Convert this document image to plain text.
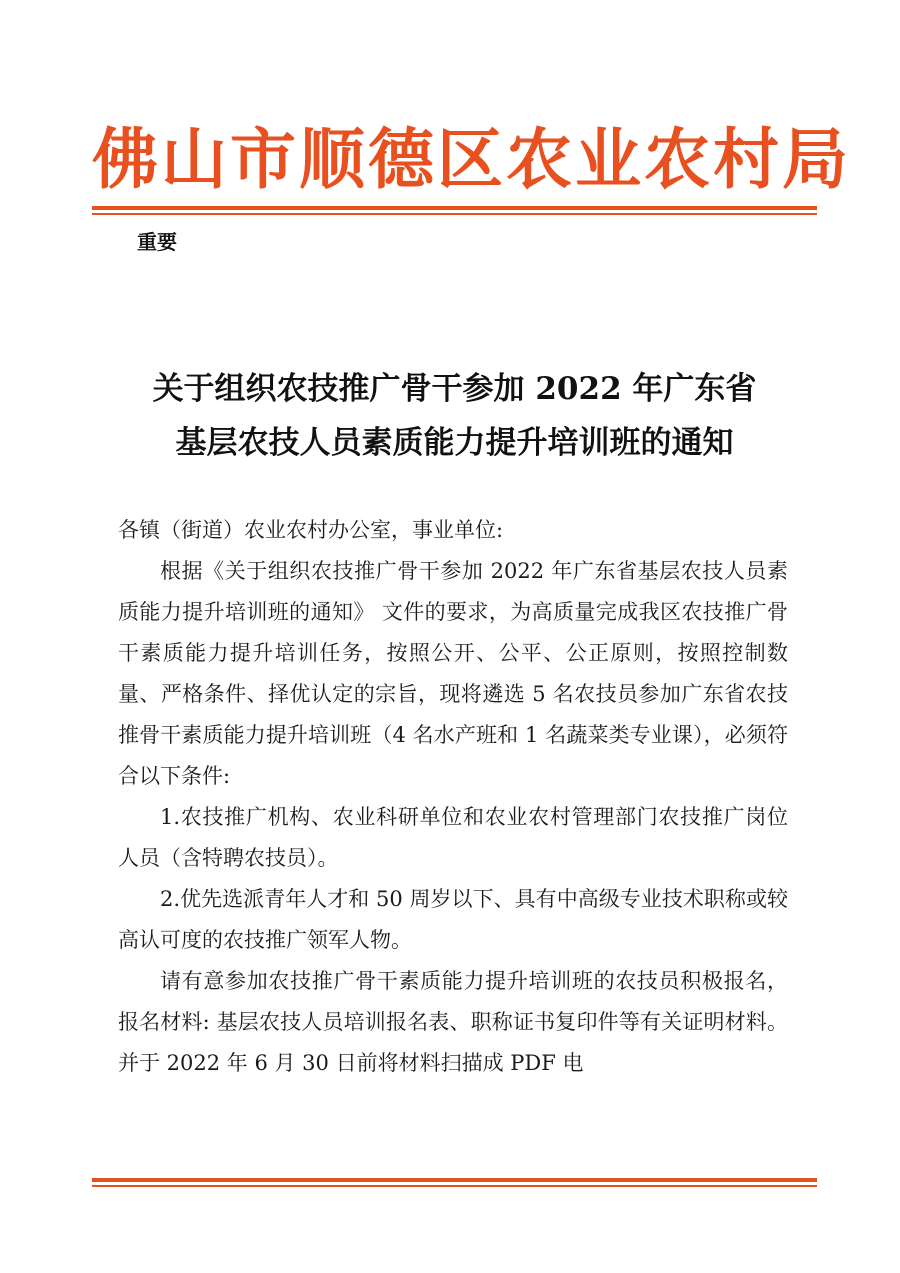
佛山市顺德区农业农村局
重要
关于组织农技推广骨干参加 2022 年广东省
基层农技人员素质能力提升培训班的通知

各镇（街道）农业农村办公室，事业单位:

根据《关于组织农技推广骨干参加 2022 年广东省基层农技人员素质能力提升培训班的通知》 文件的要求，为高质量完成我区农技推广骨干素质能力提升培训任务，按照公开、公平、公正原则，按照控制数量、严格条件、择优认定的宗旨，现将遴选 5 名农技员参加广东省农技推骨干素质能力提升培训班（4 名水产班和 1 名蔬菜类专业课），必须符合以下条件:

1.农技推广机构、农业科研单位和农业农村管理部门农技推广岗位人员（含特聘农技员）。

2.优先选派青年人才和 50 周岁以下、具有中高级专业技术职称或较高认可度的农技推广领军人物。

请有意参加农技推广骨干素质能力提升培训班的农技员积极报名，报名材料: 基层农技人员培训报名表、职称证书复印件等有关证明材料。并于 2022 年 6 月 30 日前将材料扫描成 PDF 电
